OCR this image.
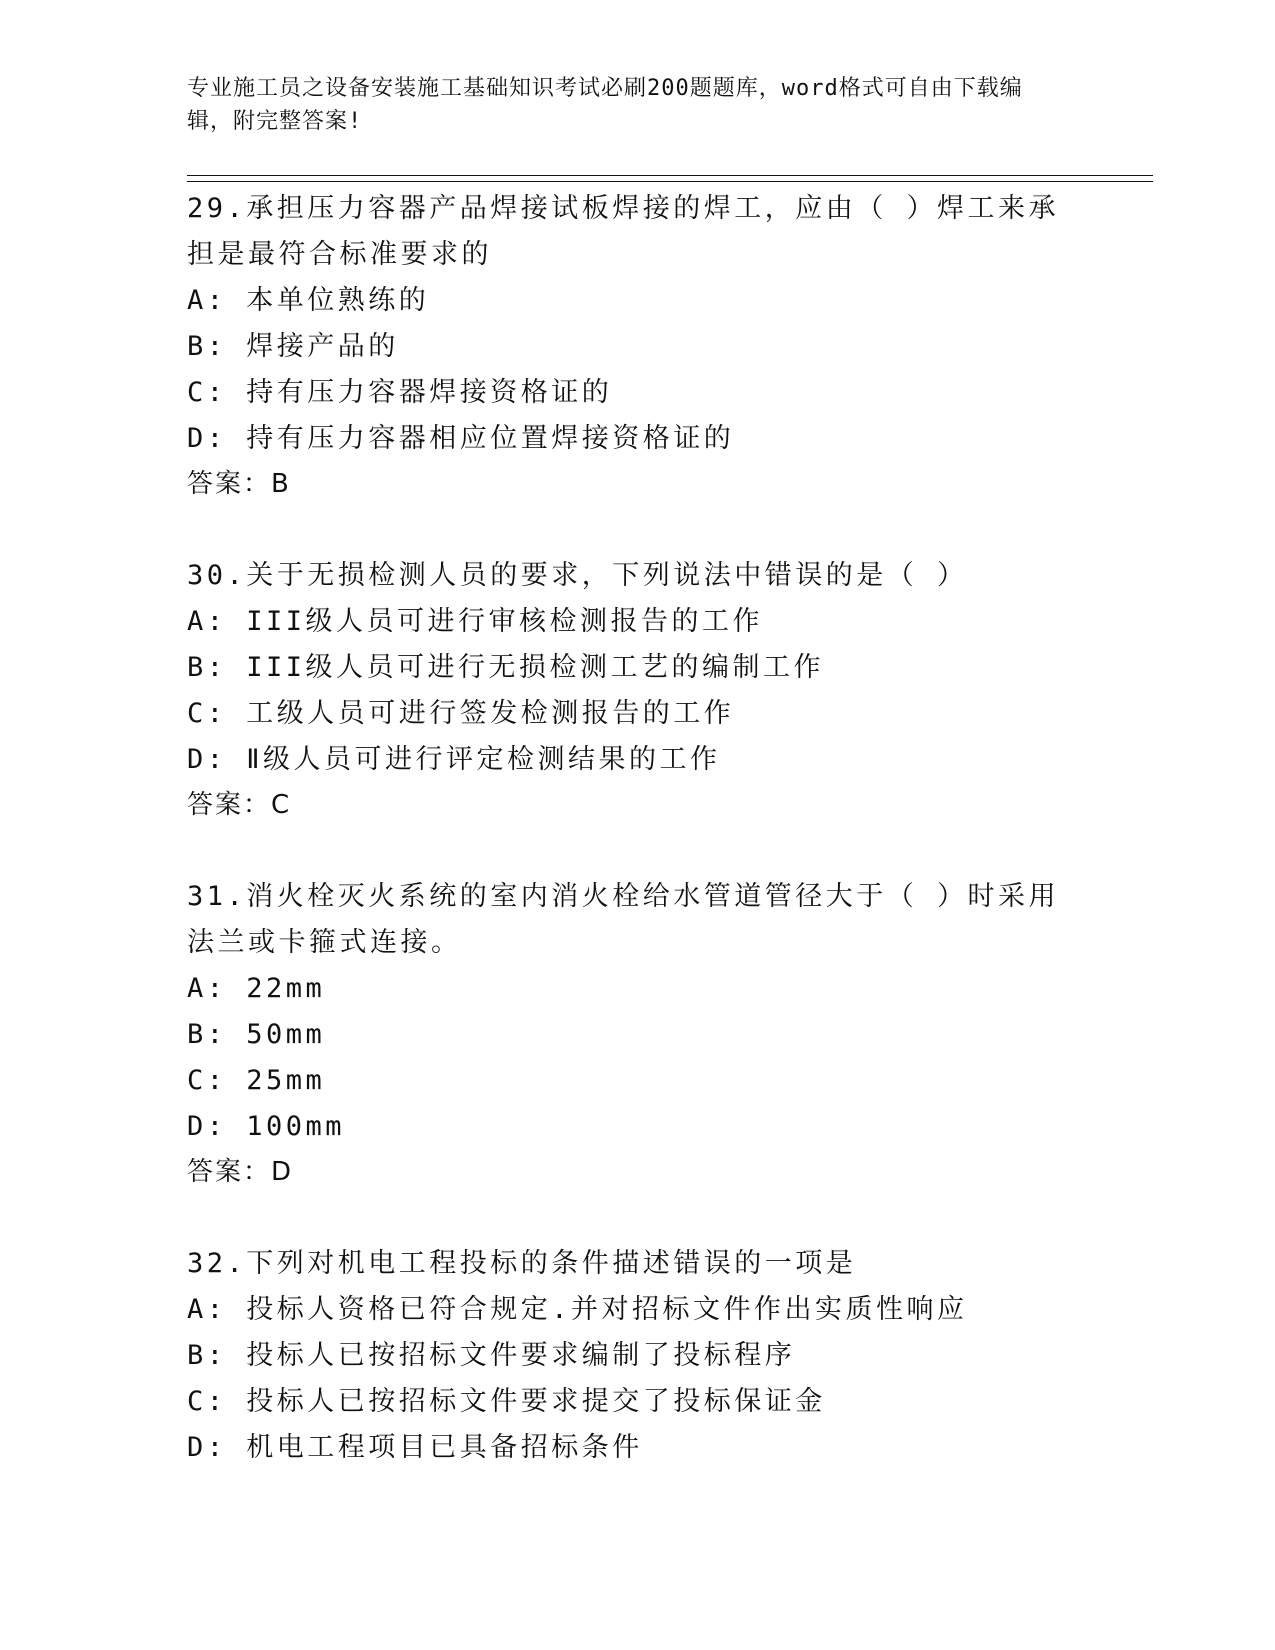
专业施工员之设备安装施工基础知识考试必刷200题题库，word格式可自由下载编辑，附完整答案!
29.承担压力容器产品焊接试板焊接的焊工，应由（ ）焊工来承担是最符合标准要求的
A: 本单位熟练的
B: 焊接产品的
C: 持有压力容器焊接资格证的
D: 持有压力容器相应位置焊接资格证的
答案：B
30.关于无损检测人员的要求，下列说法中错误的是（ ）
A: III级人员可进行审核检测报告的工作
B: III级人员可进行无损检测工艺的编制工作
C: 工级人员可进行签发检测报告的工作
D: Ⅱ级人员可进行评定检测结果的工作
答案：C
31.消火栓灭火系统的室内消火栓给水管道管径大于（ ）时采用法兰或卡箍式连接。
A: 22mm
B: 50mm
C: 25mm
D: 100mm
答案：D
32.下列对机电工程投标的条件描述错误的一项是
A: 投标人资格已符合规定.并对招标文件作出实质性响应
B: 投标人已按招标文件要求编制了投标程序
C: 投标人已按招标文件要求提交了投标保证金
D: 机电工程项目已具备招标条件
